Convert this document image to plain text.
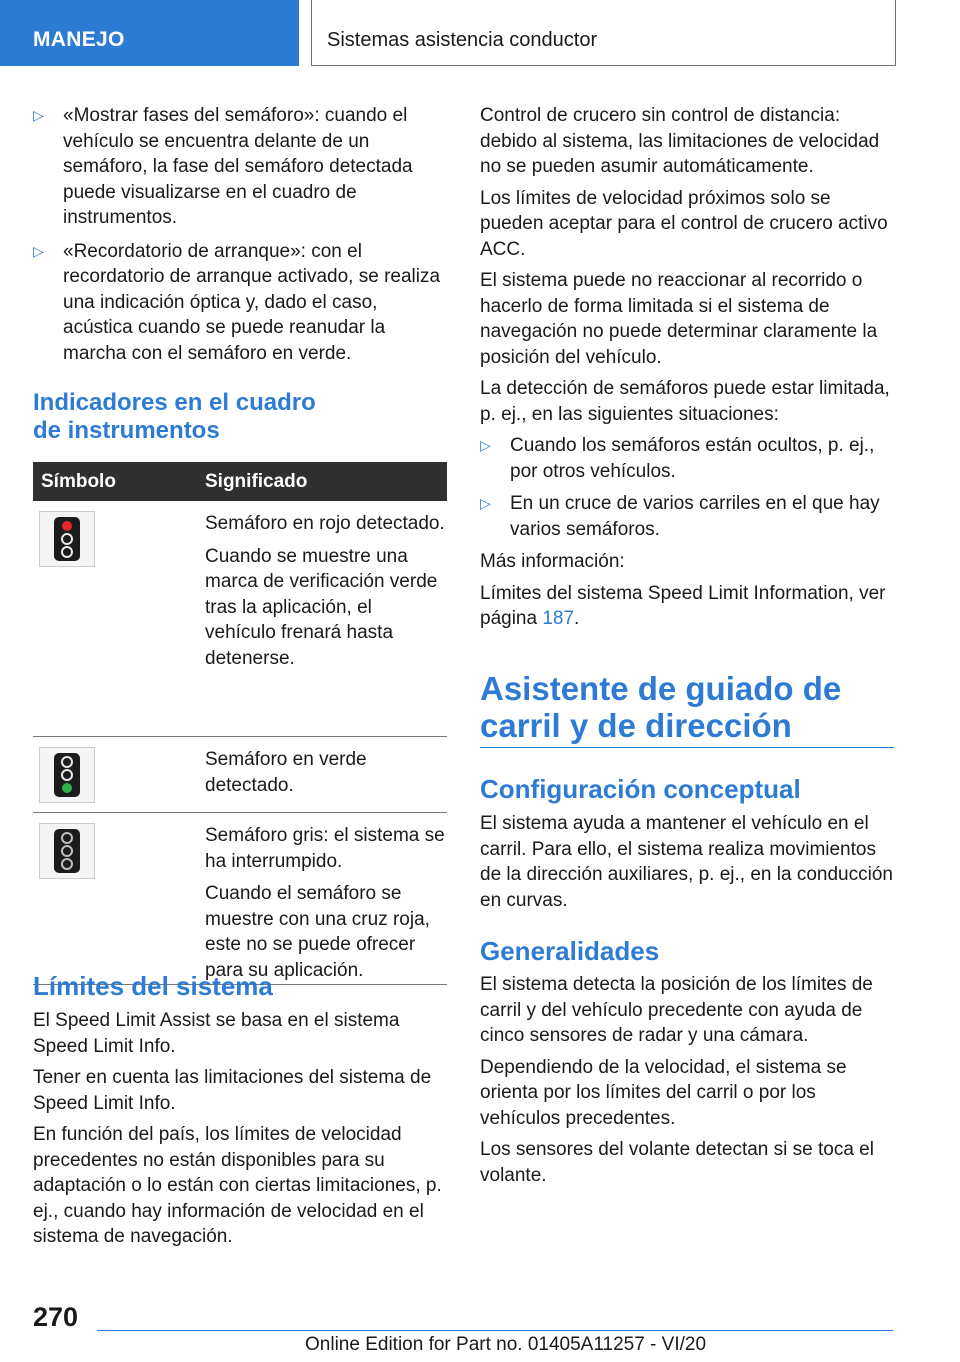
MANEJO	Sistemas asistencia conductor
▷ «Mostrar fases del semáforo»: cuando el vehículo se encuentra delante de un semáforo, la fase del semáforo detectada puede visualizarse en el cuadro de instrumentos.
▷ «Recordatorio de arranque»: con el recordatorio de arranque activado, se realiza una indicación óptica y, dado el caso, acústica cuando se puede reanudar la marcha con el semáforo en verde.
Indicadores en el cuadro
de instrumentos
Símbolo	Significado

Semáforo en rojo detectado.

Cuando se muestre una marca de verificación verde tras la aplicación, el vehículo frenará hasta detenerse.

Semáforo en verde detectado.

Semáforo gris: el sistema se ha interrumpido.

Cuando el semáforo se muestre con una cruz roja, este no se puede ofrecer para su aplicación.

Límites del sistema

El Speed Limit Assist se basa en el sistema Speed Limit Info.

Tener en cuenta las limitaciones del sistema de Speed Limit Info.

En función del país, los límites de velocidad precedentes no están disponibles para su adaptación o lo están con ciertas limitaciones, p. ej., cuando hay información de velocidad en el sistema de navegación.

Control de crucero sin control de distancia: debido al sistema, las limitaciones de velocidad no se pueden asumir automáticamente.

Los límites de velocidad próximos solo se pueden aceptar para el control de crucero activo ACC.

El sistema puede no reaccionar al recorrido o hacerlo de forma limitada si el sistema de navegación no puede determinar claramente la posición del vehículo.

La detección de semáforos puede estar limitada, p. ej., en las siguientes situaciones:

▷ Cuando los semáforos están ocultos, p. ej., por otros vehículos.
▷ En un cruce de varios carriles en el que hay varios semáforos.

Más información:

Límites del sistema Speed Limit Information, ver página 187.

Asistente de guiado de
carril y de dirección
Configuración conceptual

El sistema ayuda a mantener el vehículo en el carril. Para ello, el sistema realiza movimientos de la dirección auxiliares, p. ej., en la conducción en curvas.

Generalidades

El sistema detecta la posición de los límites de carril y del vehículo precedente con ayuda de cinco sensores de radar y una cámara.

Dependiendo de la velocidad, el sistema se orienta por los límites del carril o por los vehículos precedentes.

Los sensores del volante detectan si se toca el volante.

270
Online Edition for Part no. 01405A11257 - VI/20
